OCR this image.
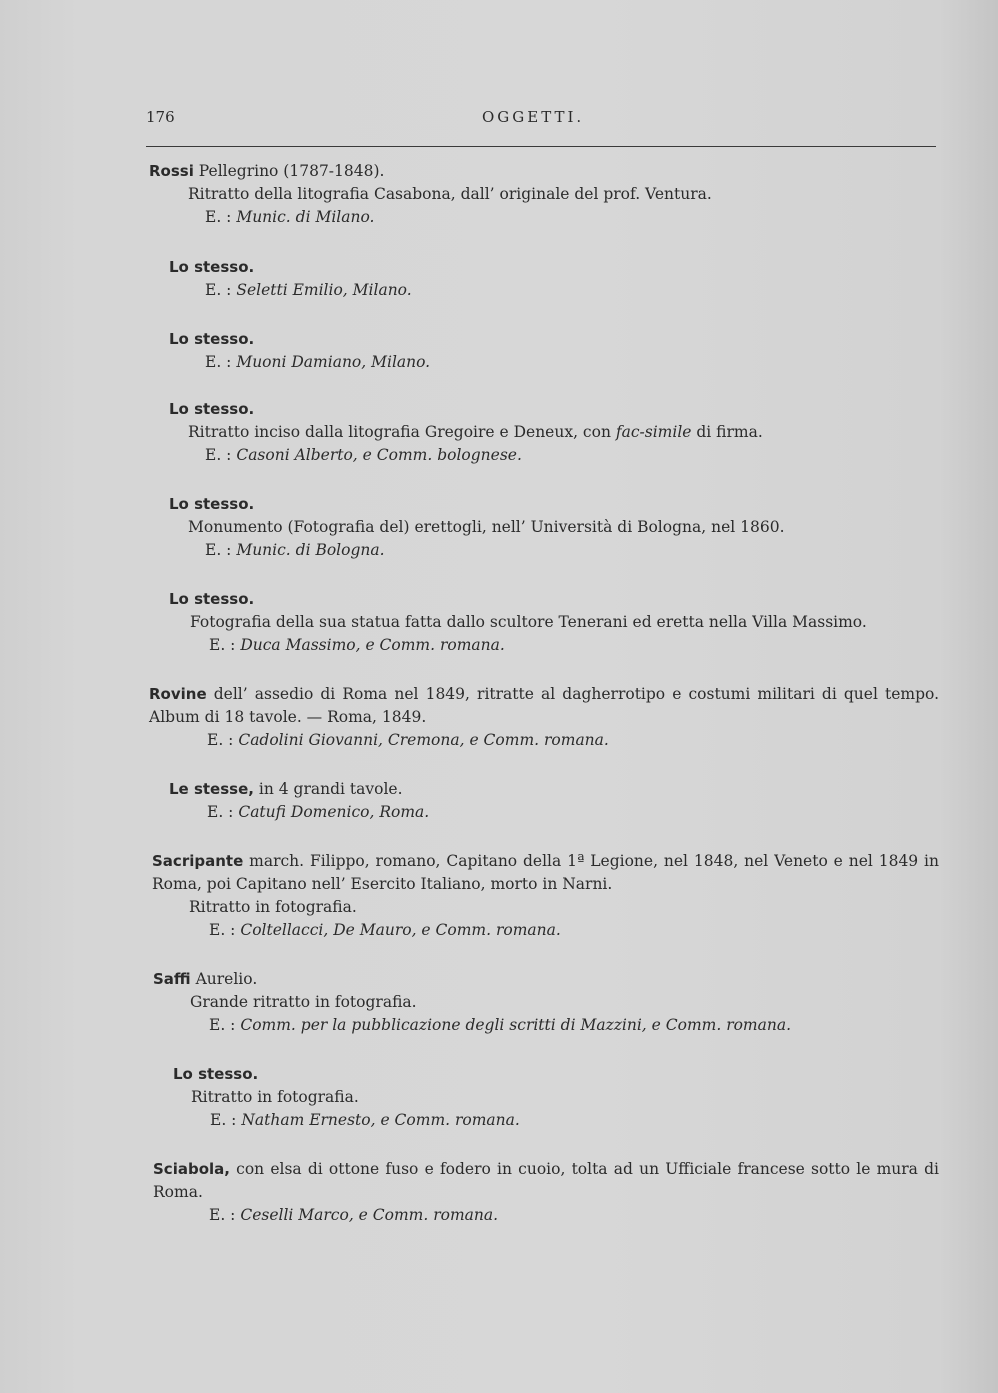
176	OGGETTI.

Rossi Pellegrino (1787-1848).

Ritratto della litografia Casabona, dall’ originale del prof. Ventura.

E. : Munic. di Milano.

Lo stesso.

E. : Seletti Emilio, Milano.

Lo stesso.

E. : Muoni Damiano, Milano.

Lo stesso.

Ritratto inciso dalla litografia Gregoire e Deneux, con fac-simile di firma.

E. : Casoni Alberto, e Comm. bolognese.

Lo stesso.

Monumento (Fotografia del) erettogli, nell’ Università di Bologna, nel 1860.

E. : Munic. di Bologna.

Lo stesso.

Fotografia della sua statua fatta dallo scultore Tenerani ed eretta nella Villa Massimo.

E. : Duca Massimo, e Comm. romana.

Rovine dell’ assedio di Roma nel 1849, ritratte al dagherrotipo e costumi militari di quel tempo. Album di 18 tavole. — Roma, 1849.

E. : Cadolini Giovanni, Cremona, e Comm. romana.

Le stesse, in 4 grandi tavole.

E. : Catufi Domenico, Roma.

Sacripante march. Filippo, romano, Capitano della 1ª Legione, nel 1848, nel Veneto e nel 1849 in Roma, poi Capitano nell’ Esercito Italiano, morto in Narni.

Ritratto in fotografia.

E. : Coltellacci, De Mauro, e Comm. romana.

Saffi Aurelio.

Grande ritratto in fotografia.

E. : Comm. per la pubblicazione degli scritti di Mazzini, e Comm. romana.

Lo stesso.

Ritratto in fotografia.

E. : Natham Ernesto, e Comm. romana.

Sciabola, con elsa di ottone fuso e fodero in cuoio, tolta ad un Ufficiale francese sotto le mura di Roma.

E. : Ceselli Marco, e Comm. romana.
